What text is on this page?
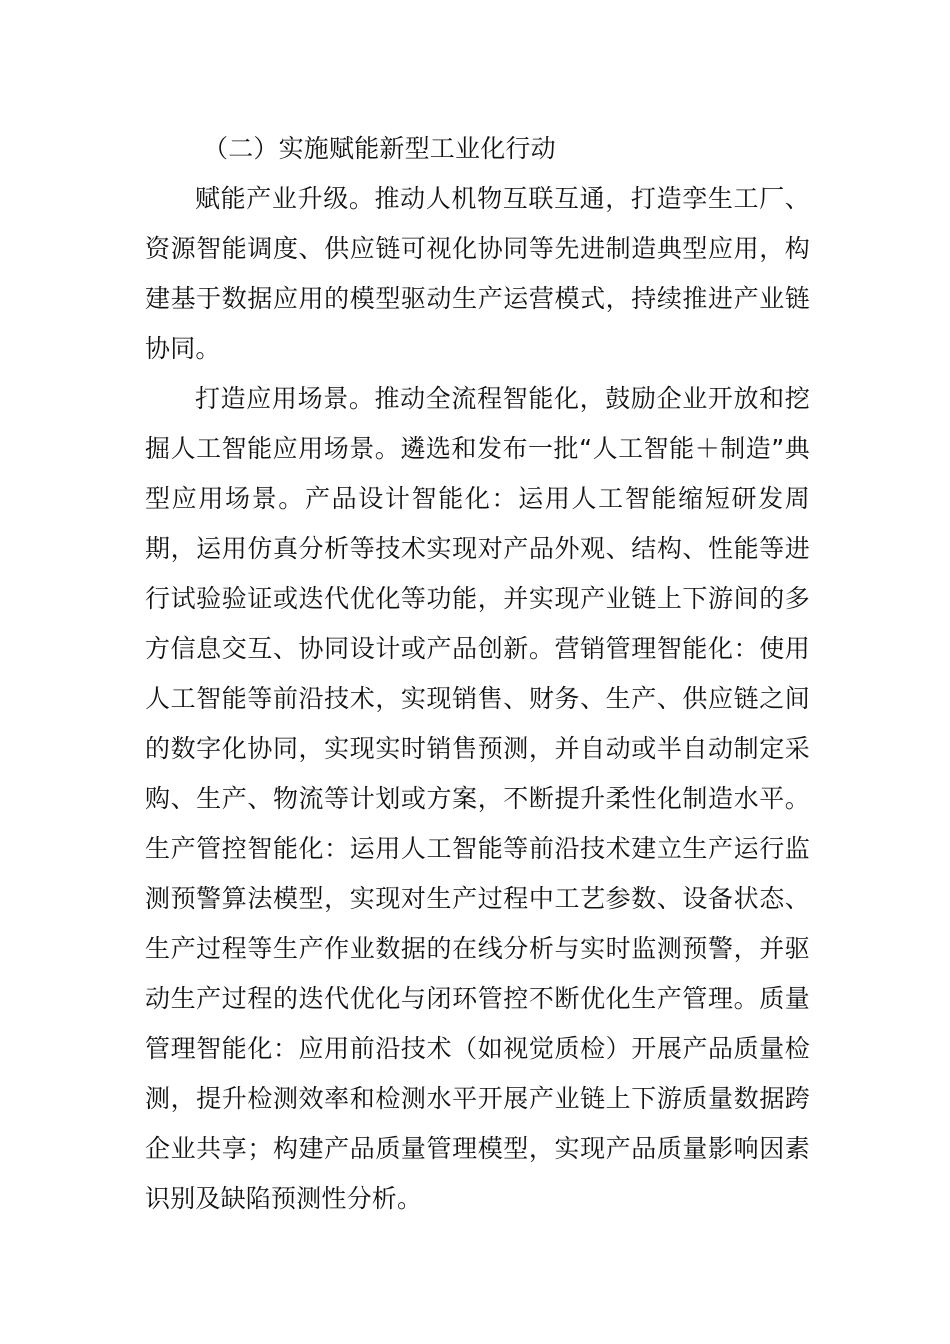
（二）实施赋能新型工业化行动

赋能产业升级。推动人机物互联互通，打造孪生工厂、资源智能调度、供应链可视化协同等先进制造典型应用，构建基于数据应用的模型驱动生产运营模式，持续推进产业链协同。

打造应用场景。推动全流程智能化，鼓励企业开放和挖掘人工智能应用场景。遴选和发布一批“人工智能＋制造”典型应用场景。产品设计智能化：运用人工智能缩短研发周期，运用仿真分析等技术实现对产品外观、结构、性能等进行试验验证或迭代优化等功能，并实现产业链上下游间的多方信息交互、协同设计或产品创新。营销管理智能化：使用人工智能等前沿技术，实现销售、财务、生产、供应链之间的数字化协同，实现实时销售预测，并自动或半自动制定采购、生产、物流等计划或方案，不断提升柔性化制造水平。生产管控智能化：运用人工智能等前沿技术建立生产运行监测预警算法模型，实现对生产过程中工艺参数、设备状态、生产过程等生产作业数据的在线分析与实时监测预警，并驱动生产过程的迭代优化与闭环管控不断优化生产管理。质量管理智能化：应用前沿技术（如视觉质检）开展产品质量检测，提升检测效率和检测水平开展产业链上下游质量数据跨企业共享；构建产品质量管理模型，实现产品质量影响因素识别及缺陷预测性分析。
